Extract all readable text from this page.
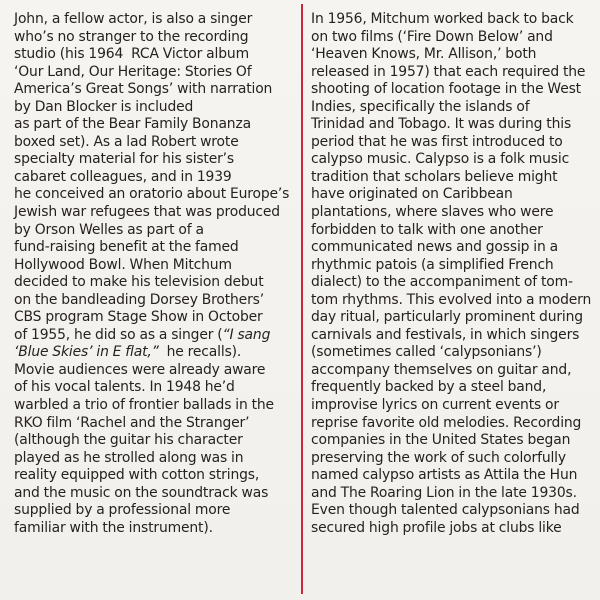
John, a fellow actor, is also a singer
who’s no stranger to the recording
studio (his 1964  RCA Victor album
‘Our Land, Our Heritage: Stories Of
America’s Great Songs’ with narration
by Dan Blocker is included
as part of the Bear Family Bonanza
boxed set). As a lad Robert wrote
specialty material for his sister’s
cabaret colleagues, and in 1939
he conceived an oratorio about Europe’s
Jewish war refugees that was produced
by Orson Welles as part of a
fund-raising benefit at the famed
Hollywood Bowl. When Mitchum
decided to make his television debut
on the bandleading Dorsey Brothers’
CBS program Stage Show in October
of 1955, he did so as a singer (“I sang
‘Blue Skies’ in E flat,”  he recalls).
Movie audiences were already aware
of his vocal talents. In 1948 he’d
warbled a trio of frontier ballads in the
RKO film ‘Rachel and the Stranger’
(although the guitar his character
played as he strolled along was in
reality equipped with cotton strings,
and the music on the soundtrack was
supplied by a professional more
familiar with the instrument).
In 1956, Mitchum worked back to back
on two films (‘Fire Down Below’ and
‘Heaven Knows, Mr. Allison,’ both
released in 1957) that each required the
shooting of location footage in the West
Indies, specifically the islands of
Trinidad and Tobago. It was during this
period that he was first introduced to
calypso music. Calypso is a folk music
tradition that scholars believe might
have originated on Caribbean
plantations, where slaves who were
forbidden to talk with one another
communicated news and gossip in a
rhythmic patois (a simplified French
dialect) to the accompaniment of tom-
tom rhythms. This evolved into a modern
day ritual, particularly prominent during
carnivals and festivals, in which singers
(sometimes called ‘calypsonians’)
accompany themselves on guitar and,
frequently backed by a steel band,
improvise lyrics on current events or
reprise favorite old melodies. Recording
companies in the United States began
preserving the work of such colorfully
named calypso artists as Attila the Hun
and The Roaring Lion in the late 1930s.
Even though talented calypsonians had
secured high profile jobs at clubs like
